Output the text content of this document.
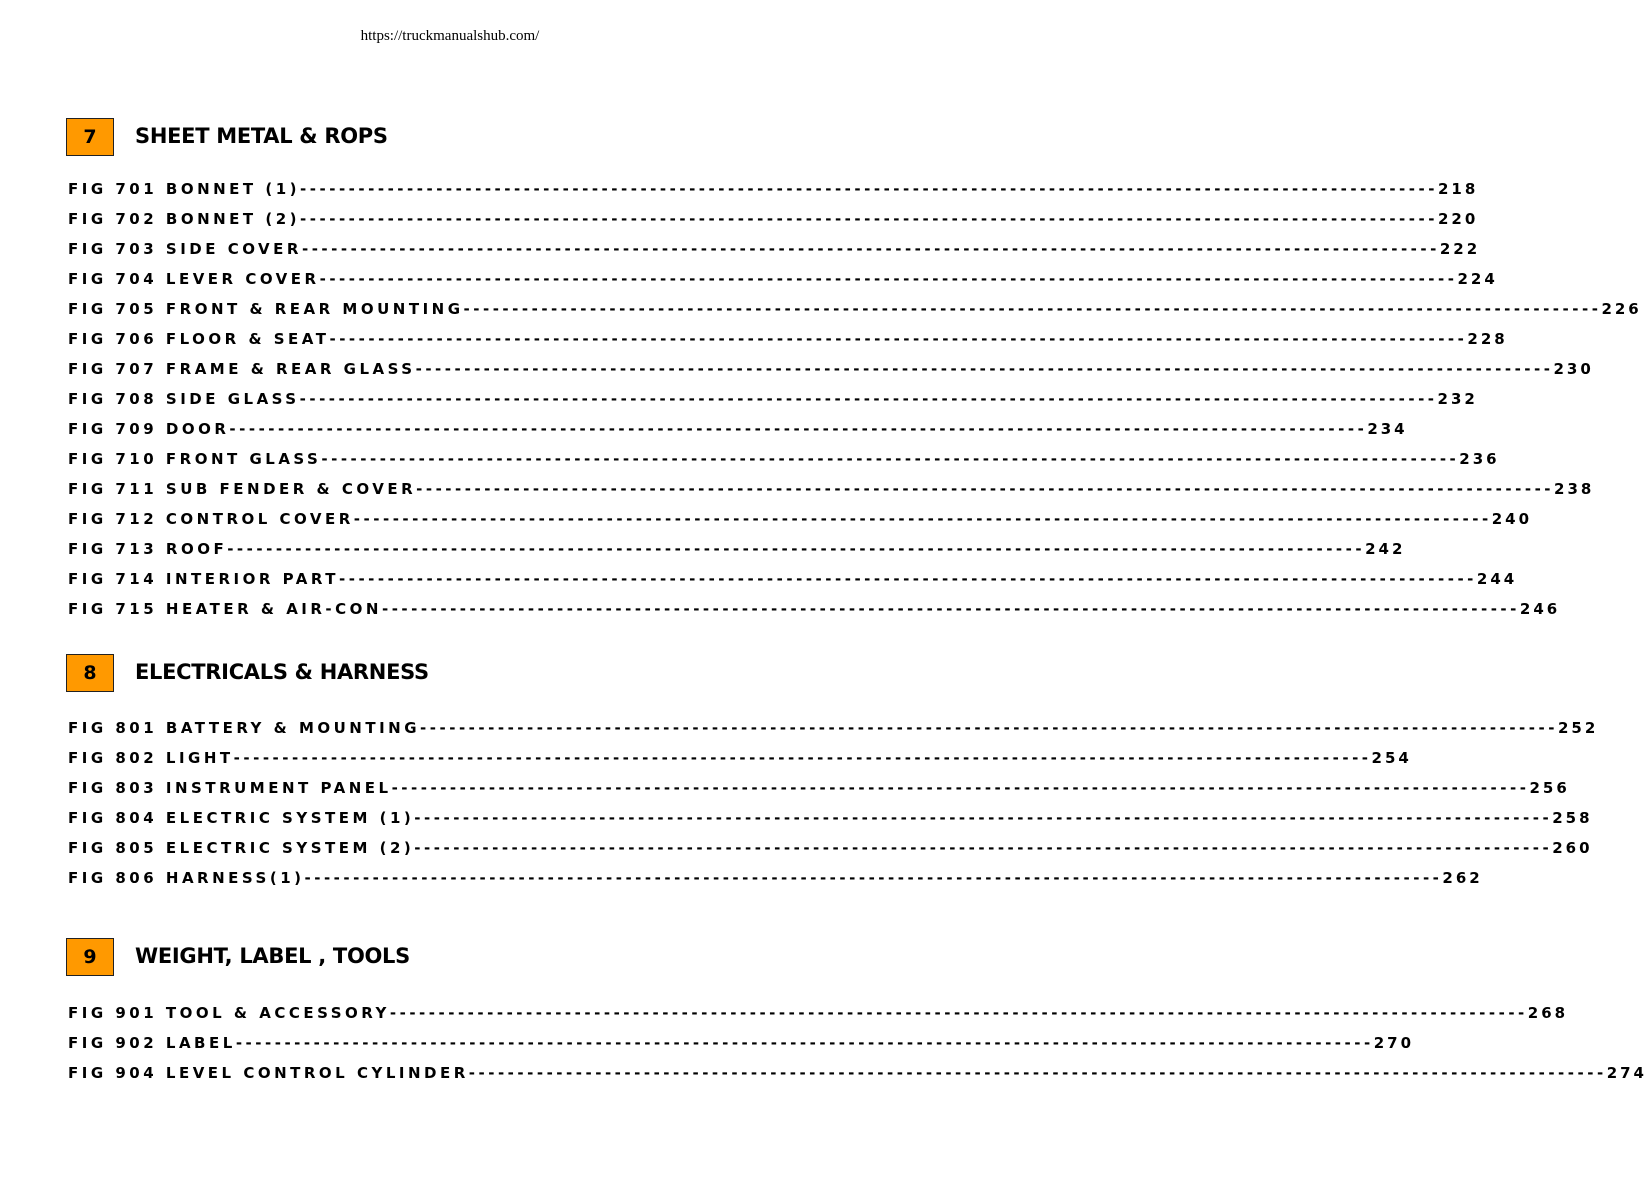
https://truckmanualshub.com/
7	SHEET METAL & ROPS
FIG 701 BONNET (1) --------------------------------------------------------------------------------------------------------------------- 218
FIG 702 BONNET (2) --------------------------------------------------------------------------------------------------------------------- 220
FIG 703 SIDE COVER --------------------------------------------------------------------------------------------------------------------- 222
FIG 704 LEVER COVER --------------------------------------------------------------------------------------------------------------------- 224
FIG 705 FRONT & REAR MOUNTING --------------------------------------------------------------------------------------------------------------------- 226
FIG 706 FLOOR & SEAT --------------------------------------------------------------------------------------------------------------------- 228
FIG 707 FRAME & REAR GLASS --------------------------------------------------------------------------------------------------------------------- 230
FIG 708 SIDE GLASS --------------------------------------------------------------------------------------------------------------------- 232
FIG 709 DOOR --------------------------------------------------------------------------------------------------------------------- 234
FIG 710 FRONT GLASS --------------------------------------------------------------------------------------------------------------------- 236
FIG 711 SUB FENDER & COVER --------------------------------------------------------------------------------------------------------------------- 238
FIG 712 CONTROL COVER --------------------------------------------------------------------------------------------------------------------- 240
FIG 713 ROOF --------------------------------------------------------------------------------------------------------------------- 242
FIG 714 INTERIOR PART --------------------------------------------------------------------------------------------------------------------- 244
FIG 715 HEATER & AIR-CON --------------------------------------------------------------------------------------------------------------------- 246
8	ELECTRICALS & HARNESS
FIG 801 BATTERY & MOUNTING --------------------------------------------------------------------------------------------------------------------- 252
FIG 802 LIGHT --------------------------------------------------------------------------------------------------------------------- 254
FIG 803 INSTRUMENT PANEL --------------------------------------------------------------------------------------------------------------------- 256
FIG 804 ELECTRIC SYSTEM (1) --------------------------------------------------------------------------------------------------------------------- 258
FIG 805 ELECTRIC SYSTEM (2) --------------------------------------------------------------------------------------------------------------------- 260
FIG 806 HARNESS(1) --------------------------------------------------------------------------------------------------------------------- 262
9	WEIGHT, LABEL , TOOLS
FIG 901 TOOL & ACCESSORY --------------------------------------------------------------------------------------------------------------------- 268
FIG 902 LABEL --------------------------------------------------------------------------------------------------------------------- 270
FIG 904 LEVEL CONTROL CYLINDER --------------------------------------------------------------------------------------------------------------------- 274
